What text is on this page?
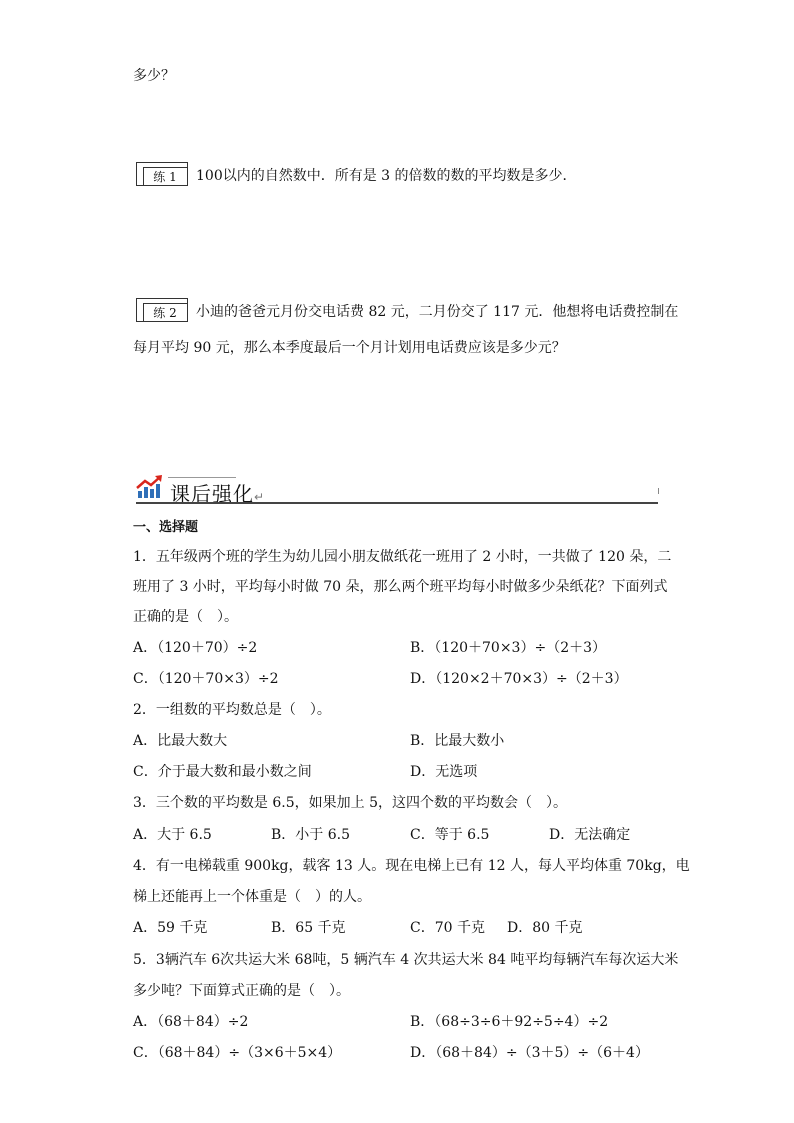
多少？
练 1	100以内的自然数中．所有是 3 的倍数的数的平均数是多少．
练 2	小迪的爸爸元月份交电话费 82 元，二月份交了 117 元．他想将电话费控制在
每月平均 90 元，那么本季度最后一个月计划用电话费应该是多少元？
课后强化↵
一、选择题
1．五年级两个班的学生为幼儿园小朋友做纸花一班用了 2 小时，一共做了 120 朵，二
班用了 3 小时，平均每小时做 70 朵，那么两个班平均每小时做多少朵纸花？下面列式
正确的是（　）。
A．（120＋70）÷2	B．（120＋70×3）÷（2＋3）
C．（120＋70×3）÷2	D．（120×2＋70×3）÷（2＋3）
2．一组数的平均数总是（　）。
A．比最大数大	B．比最大数小
C．介于最大数和最小数之间	D．无选项
3．三个数的平均数是 6.5，如果加上 5，这四个数的平均数会（　）。
A．大于 6.5	B．小于 6.5	C．等于 6.5	D．无法确定
4．有一电梯载重 900kg，载客 13 人。现在电梯上已有 12 人，每人平均体重 70kg，电
梯上还能再上一个体重是（　）的人。
A．59 千克	B．65 千克	C．70 千克 D．80 千克
5．3辆汽车 6次共运大米 68吨，5 辆汽车 4 次共运大米 84 吨平均每辆汽车每次运大米
多少吨？下面算式正确的是（　）。
A．（68＋84）÷2	B．（68÷3÷6＋92÷5÷4）÷2
C．（68＋84）÷（3×6＋5×4）	D．（68＋84）÷（3＋5）÷（6＋4）
